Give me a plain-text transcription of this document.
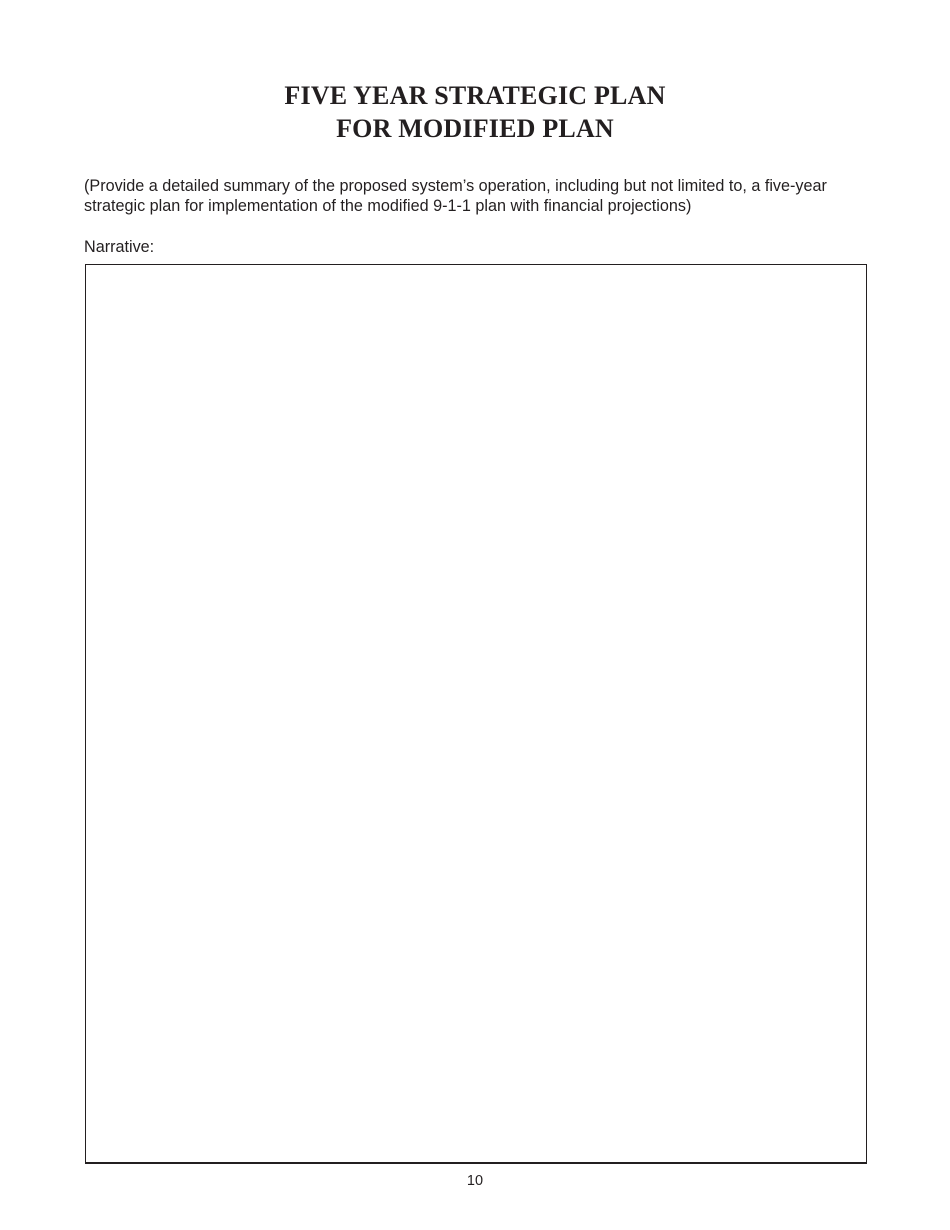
FIVE YEAR STRATEGIC PLAN
FOR MODIFIED PLAN

(Provide a detailed summary of the proposed system’s operation, including but not limited to, a five-year
strategic plan for implementation of the modified 9-1-1 plan with financial projections)

Narrative:

10
